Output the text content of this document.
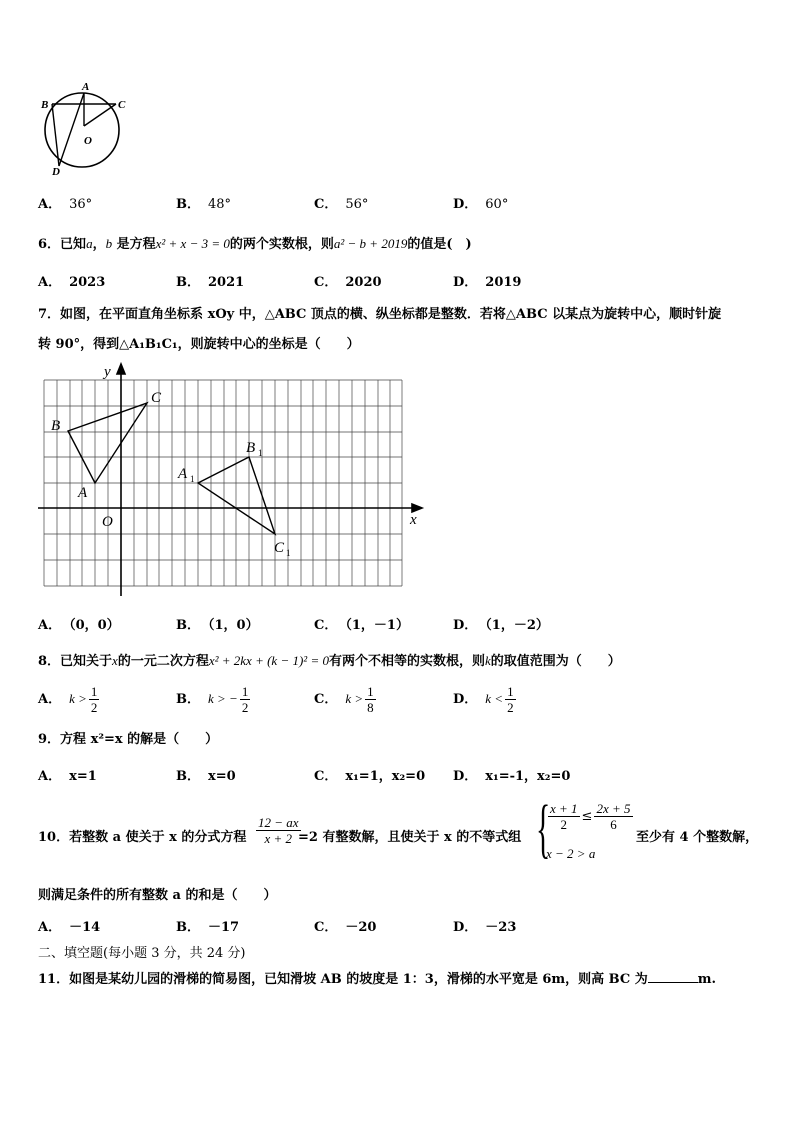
A
B	C
O
D
A． 36°	B． 48°	C． 56°	D． 60°
6．已知a，b 是方程x² + x − 3 = 0的两个实数根，则a² − b + 2019的值是(　)
A． 2023	B． 2021	C． 2020	D． 2019
7．如图，在平面直角坐标系 xOy 中，△ABC 顶点的横、纵坐标都是整数．若将△ABC 以某点为旋转中心，顺时针旋
转 90°，得到△A₁B₁C₁，则旋转中心的坐标是（　　）
y
x
O
A
B
C
A 1
B 1
C 1
A． （0，0）	B． （1，0）	C． （1，－1）	D． （1，－2）
8．已知关于x的一元二次方程x² + 2kx + (k − 1)² = 0有两个不相等的实数根，则k的取值范围为（　　）
A． $k > \frac{1}{2}$	B． k > − $\frac{1}{2}$	C． $k > \frac{1}{8}$	D． $k < \frac{1}{2}$
9．方程 x²=x 的解是（　　）
A． x=1	B． x=0	C． x₁=1，x₂=0 D． x₁=-1，x₂=0
10．若整数 a 使关于 x 的分式方程 $\frac{12 - ax}{x + 2}$
=2 有整数解，且使关于 x 的不等式组 {
$\frac{x + 1}{2} \le \frac{2x + 5}{6}$
x − 2 > a
至少有 4 个整数解，
则满足条件的所有整数 a 的和是（　　）
A． －14	B． －17	C． －20	D． －23
二、填空题(每小题 3 分，共 24 分)
11．如图是某幼儿园的滑梯的简易图，已知滑坡 AB 的坡度是 1：3，滑梯的水平宽是 6m，则高 BC 为	m.
